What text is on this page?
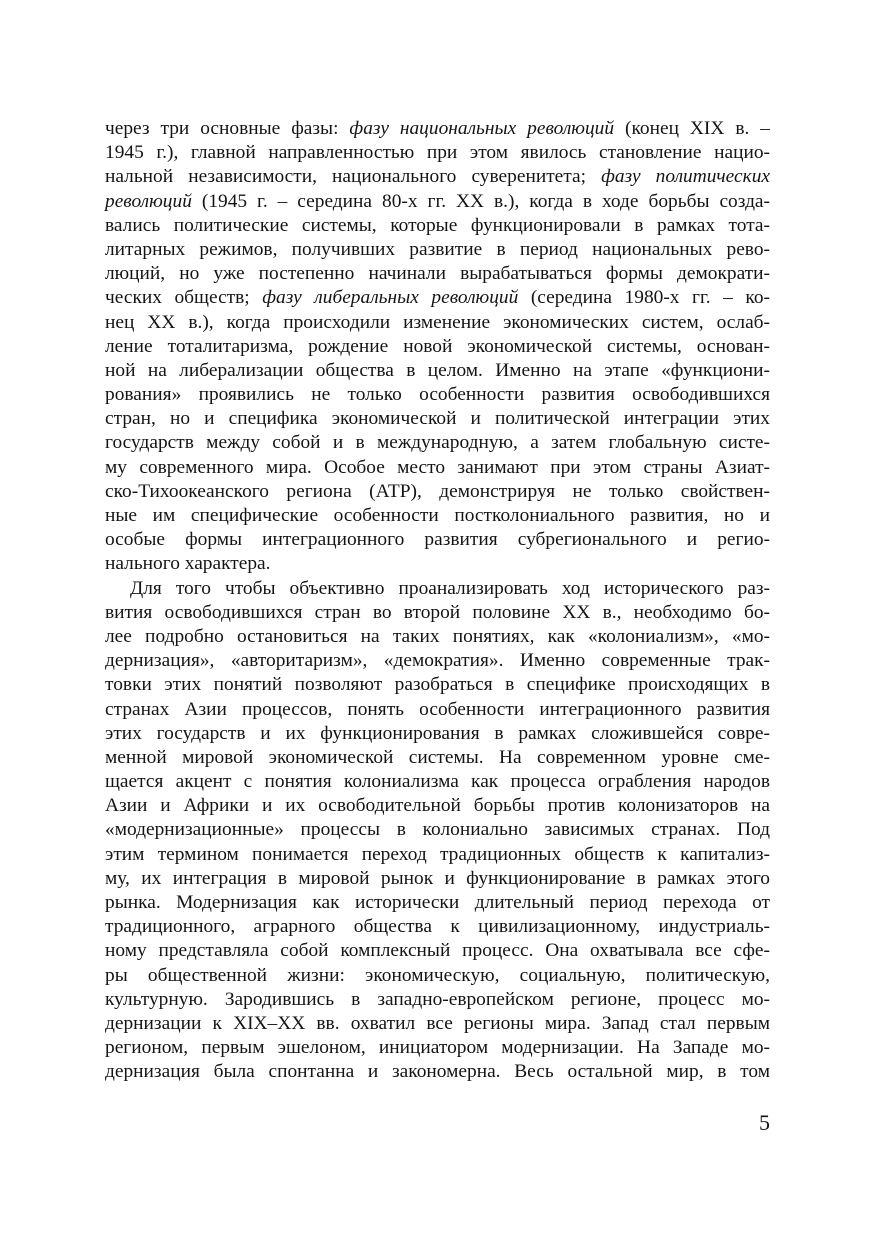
через три основные фазы: фазу национальных революций (конец XIX в. –
1945 г.), главной направленностью при этом явилось становление нацио-
нальной независимости, национального суверенитета; фазу политических
революций (1945 г. – середина 80-х гг. XX в.), когда в ходе борьбы созда-
вались политические системы, которые функционировали в рамках тота-
литарных режимов, получивших развитие в период национальных рево-
люций, но уже постепенно начинали вырабатываться формы демократи-
ческих обществ; фазу либеральных революций (середина 1980-х гг. – ко-
нец XX в.), когда происходили изменение экономических систем, ослаб-
ление тоталитаризма, рождение новой экономической системы, основан-
ной на либерализации общества в целом. Именно на этапе «функциони-
рования» проявились не только особенности развития освободившихся
стран, но и специфика экономической и политической интеграции этих
государств между собой и в международную, а затем глобальную систе-
му современного мира. Особое место занимают при этом страны Азиат-
ско-Тихоокеанского региона (АТР), демонстрируя не только свойствен-
ные им специфические особенности постколониального развития, но и
особые формы интеграционного развития субрегионального и регио-
нального характера.
Для того чтобы объективно проанализировать ход исторического раз-
вития освободившихся стран во второй половине XX в., необходимо бо-
лее подробно остановиться на таких понятиях, как «колониализм», «мо-
дернизация», «авторитаризм», «демократия». Именно современные трак-
товки этих понятий позволяют разобраться в специфике происходящих в
странах Азии процессов, понять особенности интеграционного развития
этих государств и их функционирования в рамках сложившейся совре-
менной мировой экономической системы. На современном уровне сме-
щается акцент с понятия колониализма как процесса ограбления народов
Азии и Африки и их освободительной борьбы против колонизаторов на
«модернизационные» процессы в колониально зависимых странах. Под
этим термином понимается переход традиционных обществ к капитализ-
му, их интеграция в мировой рынок и функционирование в рамках этого
рынка. Модернизация как исторически длительный период перехода от
традиционного, аграрного общества к цивилизационному, индустриаль-
ному представляла собой комплексный процесс. Она охватывала все сфе-
ры общественной жизни: экономическую, социальную, политическую,
культурную. Зародившись в западно-европейском регионе, процесс мо-
дернизации к XIX–XX вв. охватил все регионы мира. Запад стал первым
регионом, первым эшелоном, инициатором модернизации. На Западе мо-
дернизация была спонтанна и закономерна. Весь остальной мир, в том
5
